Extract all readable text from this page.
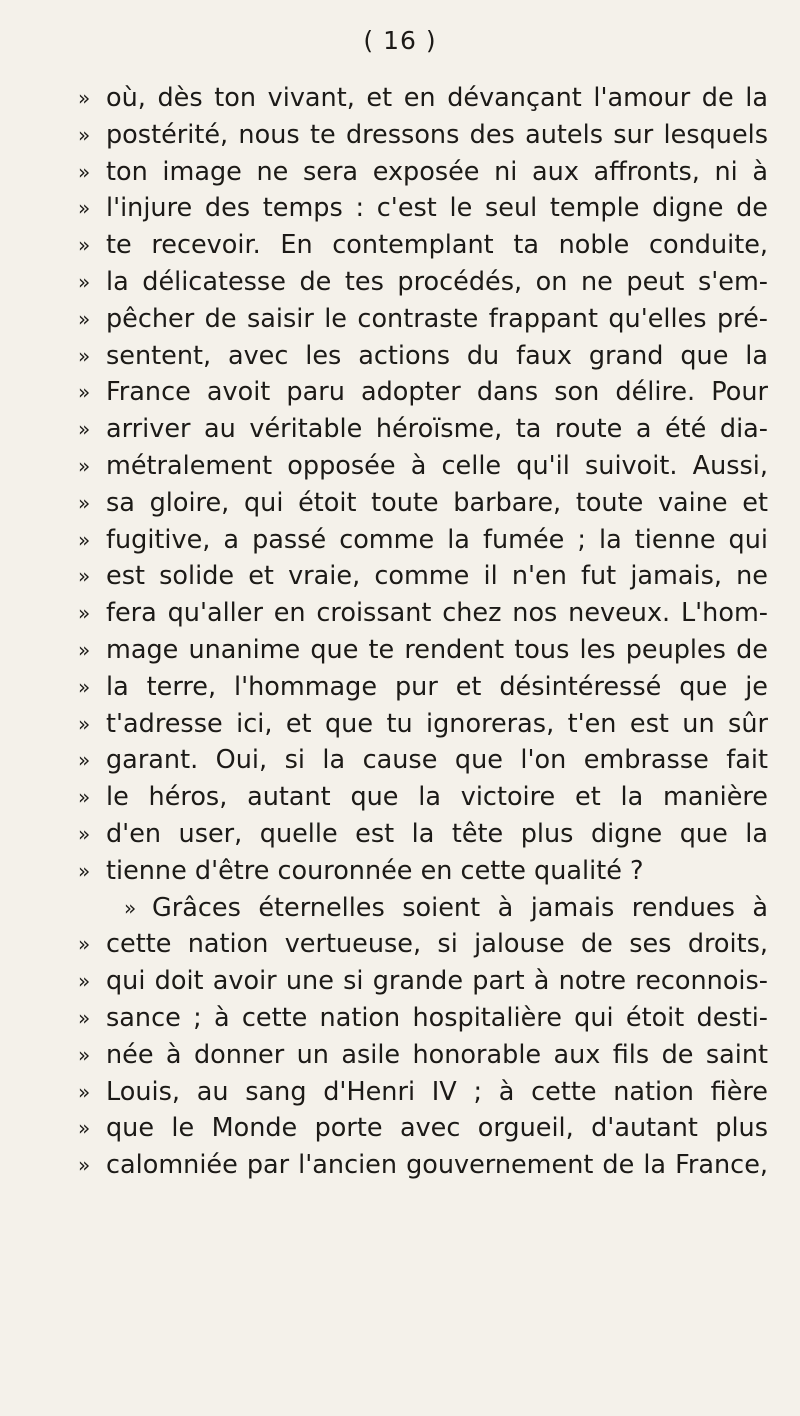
( 16 )
» où, dès ton vivant, et en dévançant l'amour de la
» postérité, nous te dressons des autels sur lesquels
» ton image ne sera exposée ni aux affronts, ni à
» l'injure des temps : c'est le seul temple digne de
» te recevoir. En contemplant ta noble conduite,
» la délicatesse de tes procédés, on ne peut s'em-
» pêcher de saisir le contraste frappant qu'elles pré-
» sentent, avec les actions du faux grand que la
» France avoit paru adopter dans son délire. Pour
» arriver au véritable héroïsme, ta route a été dia-
» métralement opposée à celle qu'il suivoit. Aussi,
» sa gloire, qui étoit toute barbare, toute vaine et
» fugitive, a passé comme la fumée ; la tienne qui
» est solide et vraie, comme il n'en fut jamais, ne
» fera qu'aller en croissant chez nos neveux. L'hom-
» mage unanime que te rendent tous les peuples de
» la terre, l'hommage pur et désintéressé que je
» t'adresse ici, et que tu ignoreras, t'en est un sûr
» garant. Oui, si la cause que l'on embrasse fait
» le héros, autant que la victoire et la manière
» d'en user, quelle est la tête plus digne que la
» tienne d'être couronnée en cette qualité ?
» Grâces éternelles soient à jamais rendues à
» cette nation vertueuse, si jalouse de ses droits,
» qui doit avoir une si grande part à notre reconnois-
» sance ; à cette nation hospitalière qui étoit desti-
» née à donner un asile honorable aux fils de saint
» Louis, au sang d'Henri IV ; à cette nation fière
» que le Monde porte avec orgueil, d'autant plus
» calomniée par l'ancien gouvernement de la France,
